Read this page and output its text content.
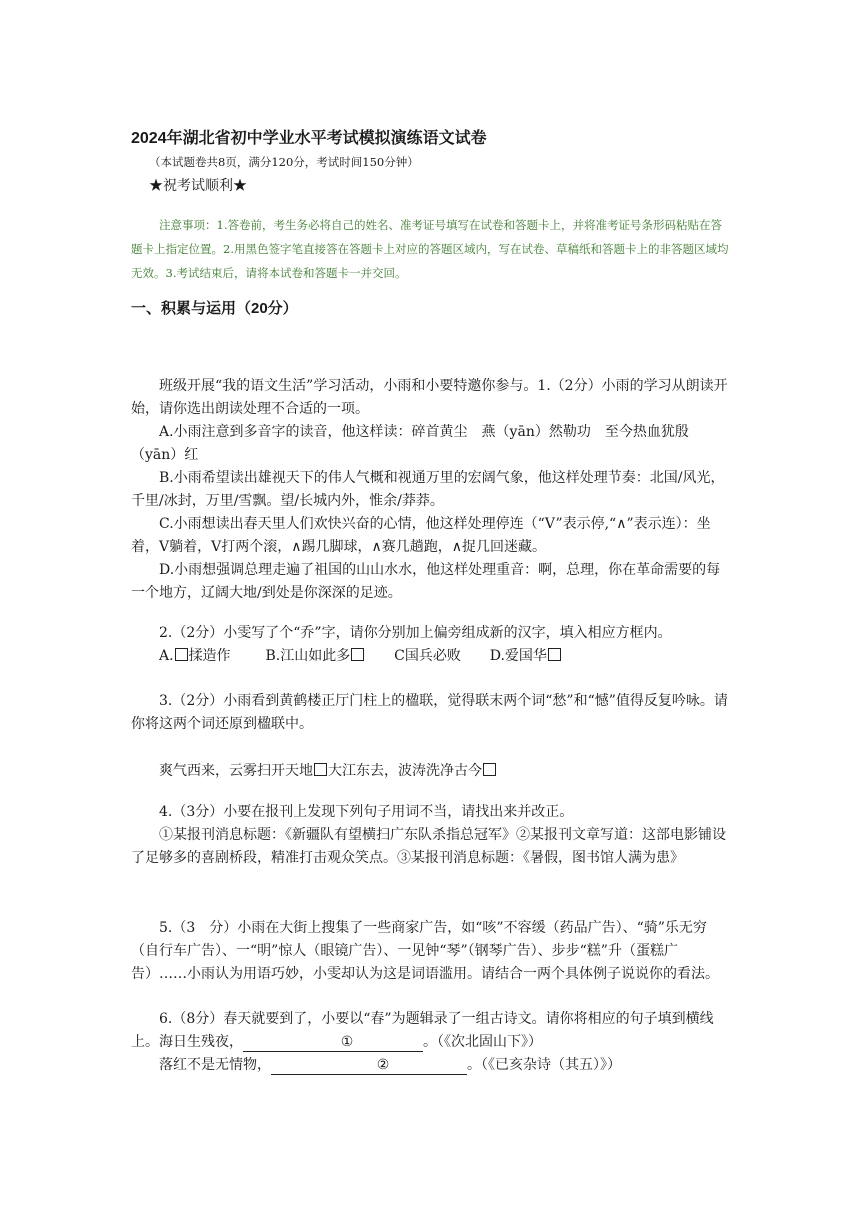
2024年湖北省初中学业水平考试模拟演练语文试卷
（本试题卷共8页，满分120分，考试时间150分钟）
★祝考试顺利★

注意事项：1.答卷前，考生务必将自己的姓名、准考证号填写在试卷和答题卡上，并将准考证号条形码粘贴在答题卡上指定位置。2.用黑色签字笔直接答在答题卡上对应的答题区域内，写在试卷、草稿纸和答题卡上的非答题区域均无效。3.考试结束后，请将本试卷和答题卡一并交回。

一、积累与运用（20分）

班级开展“我的语文生活”学习活动，小雨和小要特邀你参与。1.（2分）小雨的学习从朗读开始，请你选出朗读处理不合适的一项。

A.小雨注意到多音字的读音，他这样读：碎首黄尘　燕（yān）然勒功　至今热血犹殷（yān）红

B.小雨希望读出雄视天下的伟人气概和视通万里的宏阔气象，他这样处理节奏：北国/风光，千里/冰封，万里/雪飘。望/长城内外，惟余/莽莽。

C.小雨想读出春天里人们欢快兴奋的心情，他这样处理停连（“V”表示停,“∧”表示连）：坐着，V躺着，V打两个滚，∧踢几脚球，∧赛几趟跑，∧捉几回迷藏。

D.小雨想强调总理走遍了祖国的山山水水，他这样处理重音：啊，总理，你在革命需要的每一个地方，辽阔大地/到处是你深深的足迹。

2.（2分）小雯写了个“乔”字，请你分别加上偏旁组成新的汉字，填入相应方框内。

A. 揉造作 B.江山如此多	C国兵必败 D.爱国华

3.（2分）小雨看到黄鹤楼正厅门柱上的楹联，觉得联末两个词“愁”和“憾”值得反复吟咏。请你将这两个词还原到楹联中。

爽气西来，云雾扫开天地 大江东去，波涛洗净古今

4.（3分）小要在报刊上发现下列句子用词不当，请找出来并改正。

①某报刊消息标题：《新疆队有望横扫广东队杀指总冠军》②某报刊文章写道：这部电影铺设了足够多的喜剧桥段，精准打击观众笑点。③某报刊消息标题：《暑假，图书馆人满为患》

5.（3　分）小雨在大街上搜集了一些商家广告，如“咳”不容缓（药品广告）、“骑”乐无穷（自行车广告）、一“明”惊人（眼镜广告）、一见钟“琴”（钢琴广告）、步步“糕”升（蛋糕广告）……小雨认为用语巧妙，小雯却认为这是词语滥用。请结合一两个具体例子说说你的看法。

6.（8分）春天就要到了，小要以“春”为题辑录了一组古诗文。请你将相应的句子填到横线上。海日生残夜，	①	。（《次北固山下》）

落红不是无情物，	②	。（《已亥杂诗（其五）》）
